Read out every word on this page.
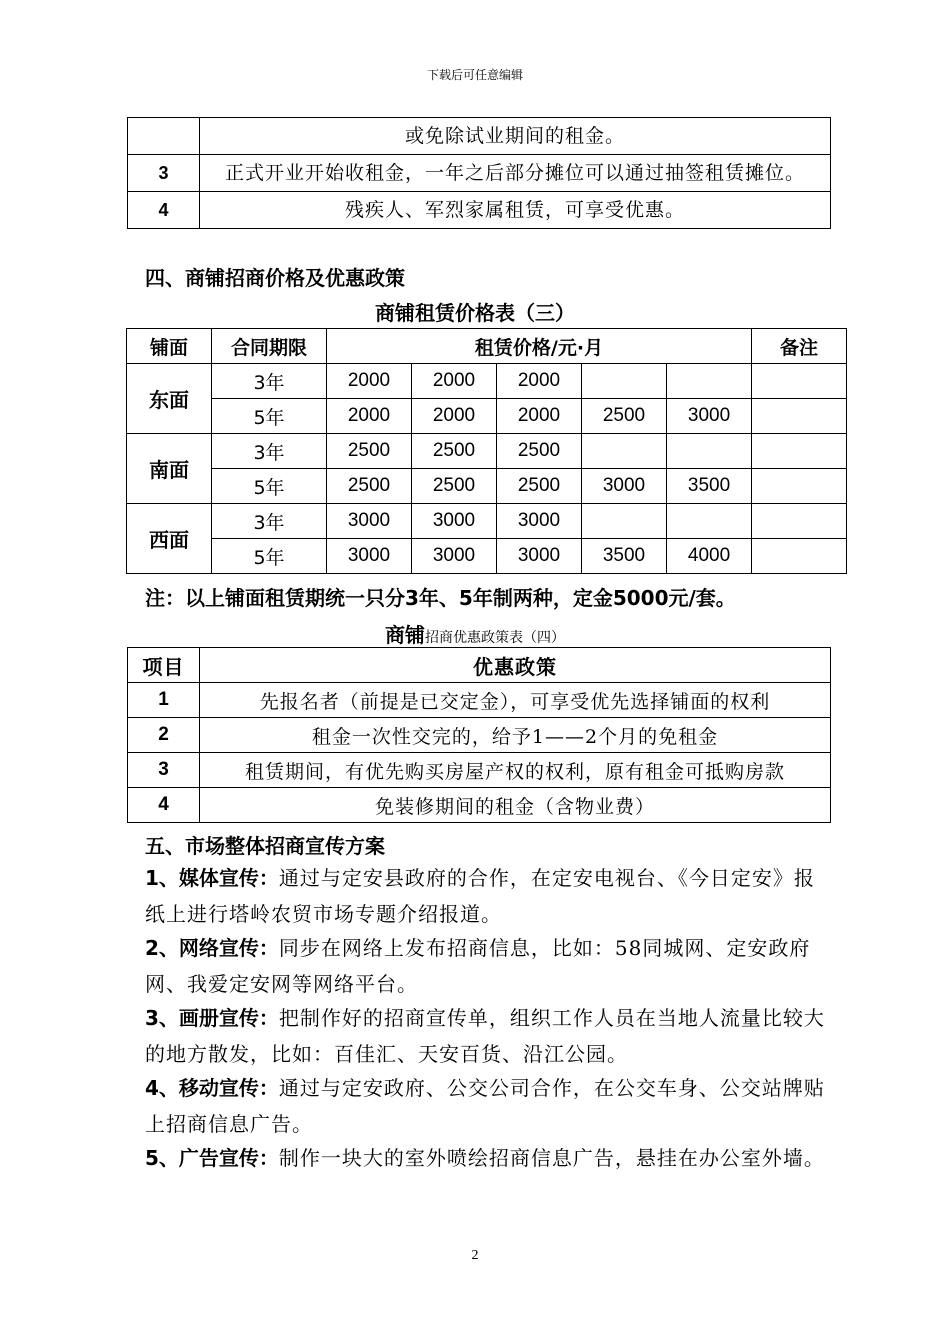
下载后可任意编辑
	或免除试业期间的租金。
3	正式开业开始收租金，一年之后部分摊位可以通过抽签租赁摊位。
4	残疾人、军烈家属租赁，可享受优惠。
四、商铺招商价格及优惠政策
商铺租赁价格表（三）
铺面	合同期限	租赁价格/元·月					备注
东面	3年	2000	2000	2000			
	5年	2000	2000	2000	2500	3000	
南面	3年	2500	2500	2500			
	5年	2500	2500	2500	3000	3500	
西面	3年	3000	3000	3000			
	5年	3000	3000	3000	3500	4000	
注：以上铺面租赁期统一只分3年、5年制两种，定金5000元/套。
商铺招商优惠政策表（四）
项目	优惠政策
1	先报名者（前提是已交定金），可享受优先选择铺面的权利
2	租金一次性交完的，给予1——2个月的免租金
3	租赁期间，有优先购买房屋产权的权利，原有租金可抵购房款
4	免装修期间的租金（含物业费）
五、市场整体招商宣传方案
1、媒体宣传：通过与定安县政府的合作，在定安电视台、《今日定安》报纸上进行塔岭农贸市场专题介绍报道。
2、网络宣传：同步在网络上发布招商信息，比如：58同城网、定安政府网、我爱定安网等网络平台。
3、画册宣传：把制作好的招商宣传单，组织工作人员在当地人流量比较大的地方散发，比如：百佳汇、天安百货、沿江公园。
4、移动宣传：通过与定安政府、公交公司合作，在公交车身、公交站牌贴上招商信息广告。
5、广告宣传：制作一块大的室外喷绘招商信息广告，悬挂在办公室外墙。
2
